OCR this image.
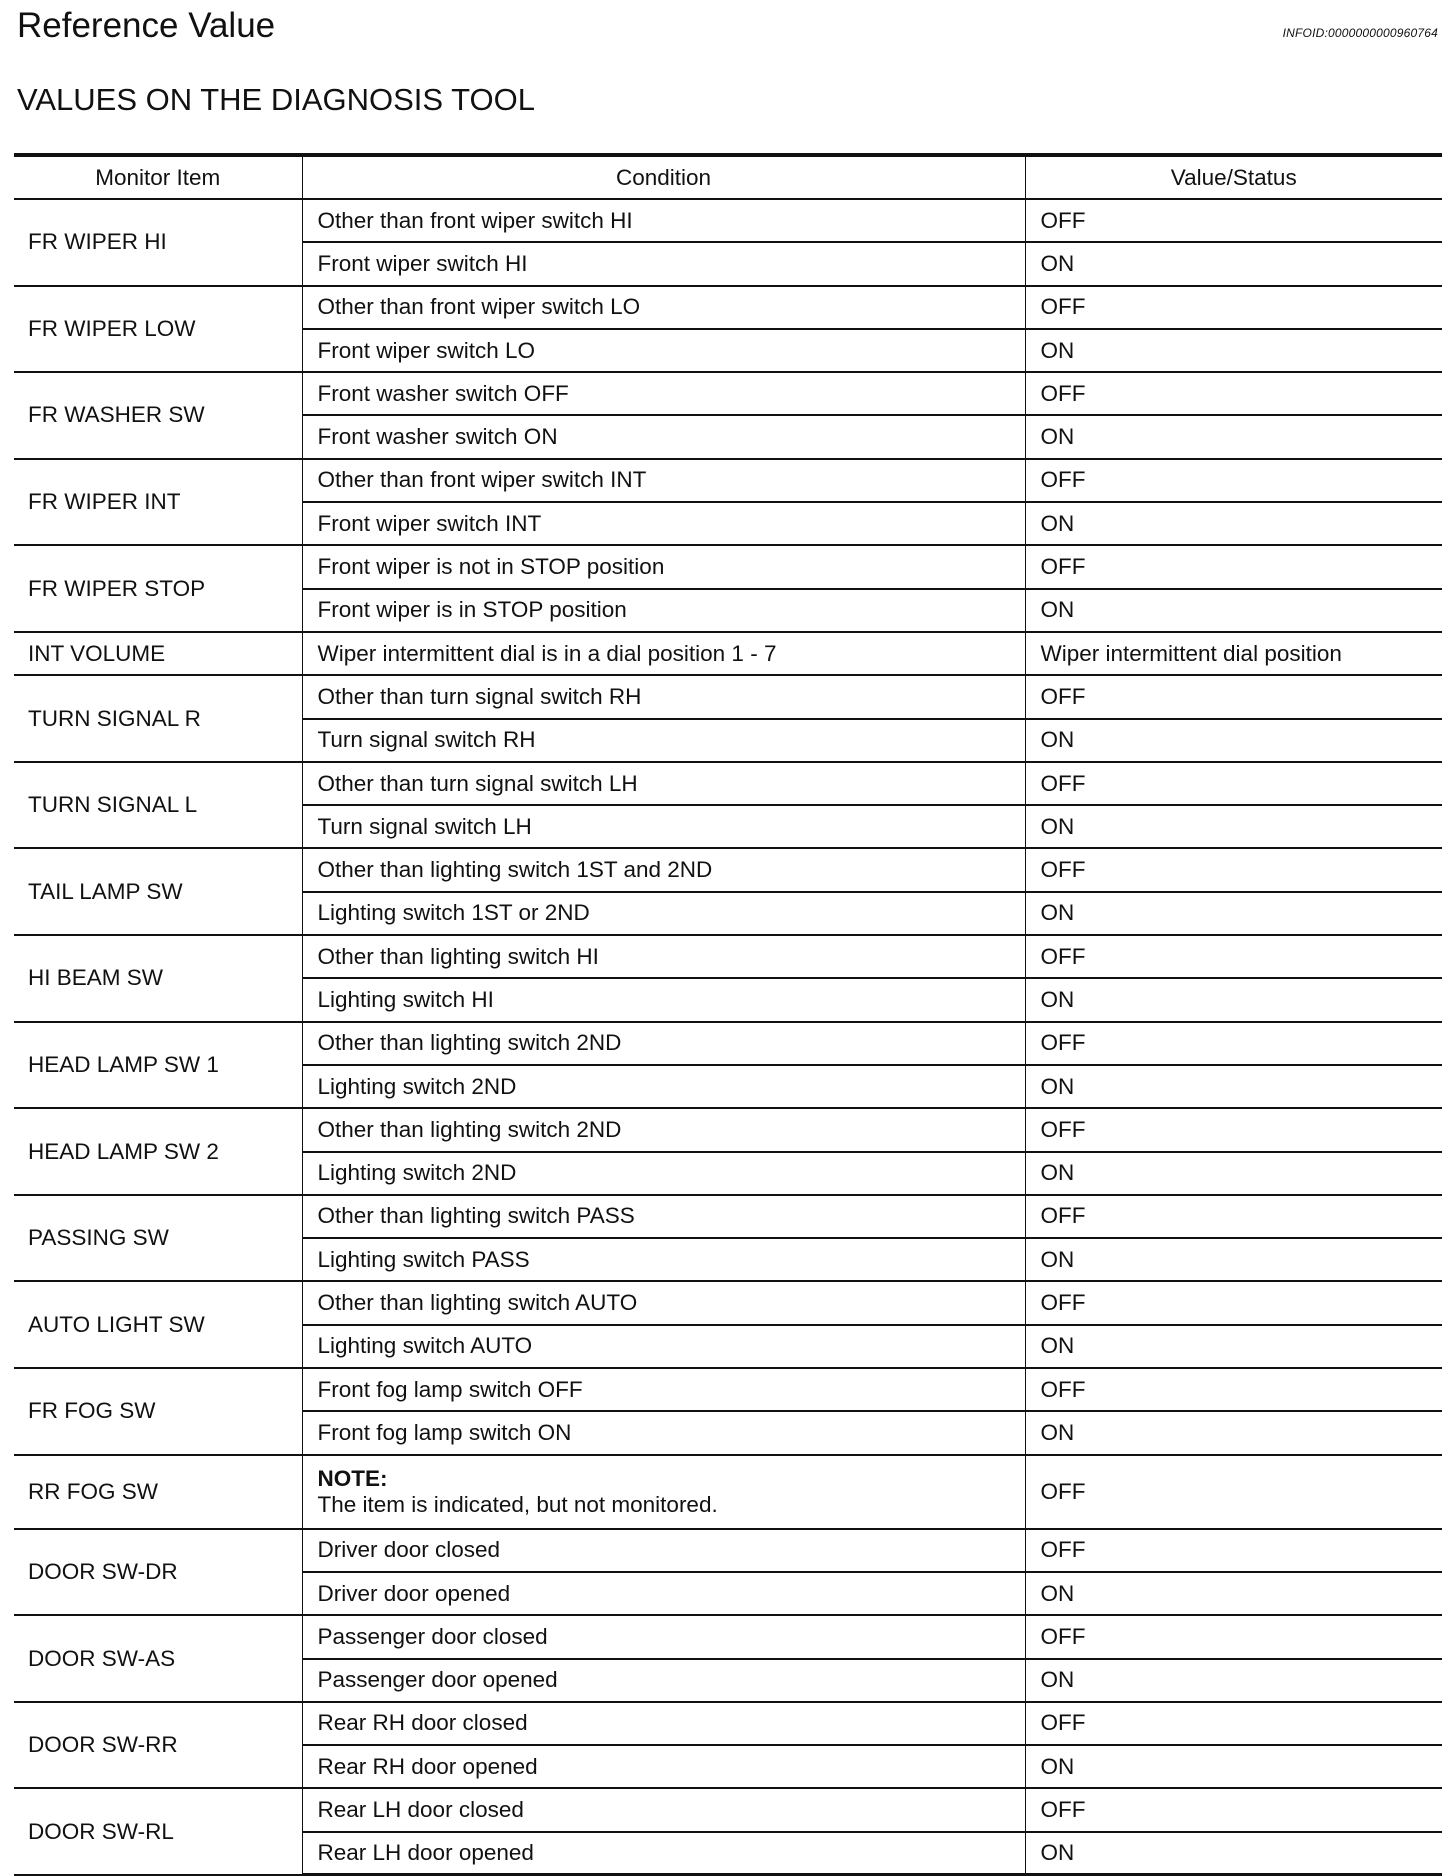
Reference Value	INFOID:0000000000960764
VALUES ON THE DIAGNOSIS TOOL
Monitor Item	Condition	Value/Status
FR WIPER HI	Other than front wiper switch HI	OFF
	Front wiper switch HI	ON
FR WIPER LOW	Other than front wiper switch LO	OFF
	Front wiper switch LO	ON
FR WASHER SW	Front washer switch OFF	OFF
	Front washer switch ON	ON
FR WIPER INT	Other than front wiper switch INT	OFF
	Front wiper switch INT	ON
FR WIPER STOP	Front wiper is not in STOP position	OFF
	Front wiper is in STOP position	ON
INT VOLUME	Wiper intermittent dial is in a dial position 1 - 7	Wiper intermittent dial position
TURN SIGNAL R	Other than turn signal switch RH	OFF
	Turn signal switch RH	ON
TURN SIGNAL L	Other than turn signal switch LH	OFF
	Turn signal switch LH	ON
TAIL LAMP SW	Other than lighting switch 1ST and 2ND	OFF
	Lighting switch 1ST or 2ND	ON
HI BEAM SW	Other than lighting switch HI	OFF
	Lighting switch HI	ON
HEAD LAMP SW 1	Other than lighting switch 2ND	OFF
	Lighting switch 2ND	ON
HEAD LAMP SW 2	Other than lighting switch 2ND	OFF
	Lighting switch 2ND	ON
PASSING SW	Other than lighting switch PASS	OFF
	Lighting switch PASS	ON
AUTO LIGHT SW	Other than lighting switch AUTO	OFF
	Lighting switch AUTO	ON
FR FOG SW	Front fog lamp switch OFF	OFF
	Front fog lamp switch ON	ON
RR FOG SW	NOTE:
The item is indicated, but not monitored.	OFF
DOOR SW-DR	Driver door closed	OFF
	Driver door opened	ON
DOOR SW-AS	Passenger door closed	OFF
	Passenger door opened	ON
DOOR SW-RR	Rear RH door closed	OFF
	Rear RH door opened	ON
DOOR SW-RL	Rear LH door closed	OFF
	Rear LH door opened	ON
